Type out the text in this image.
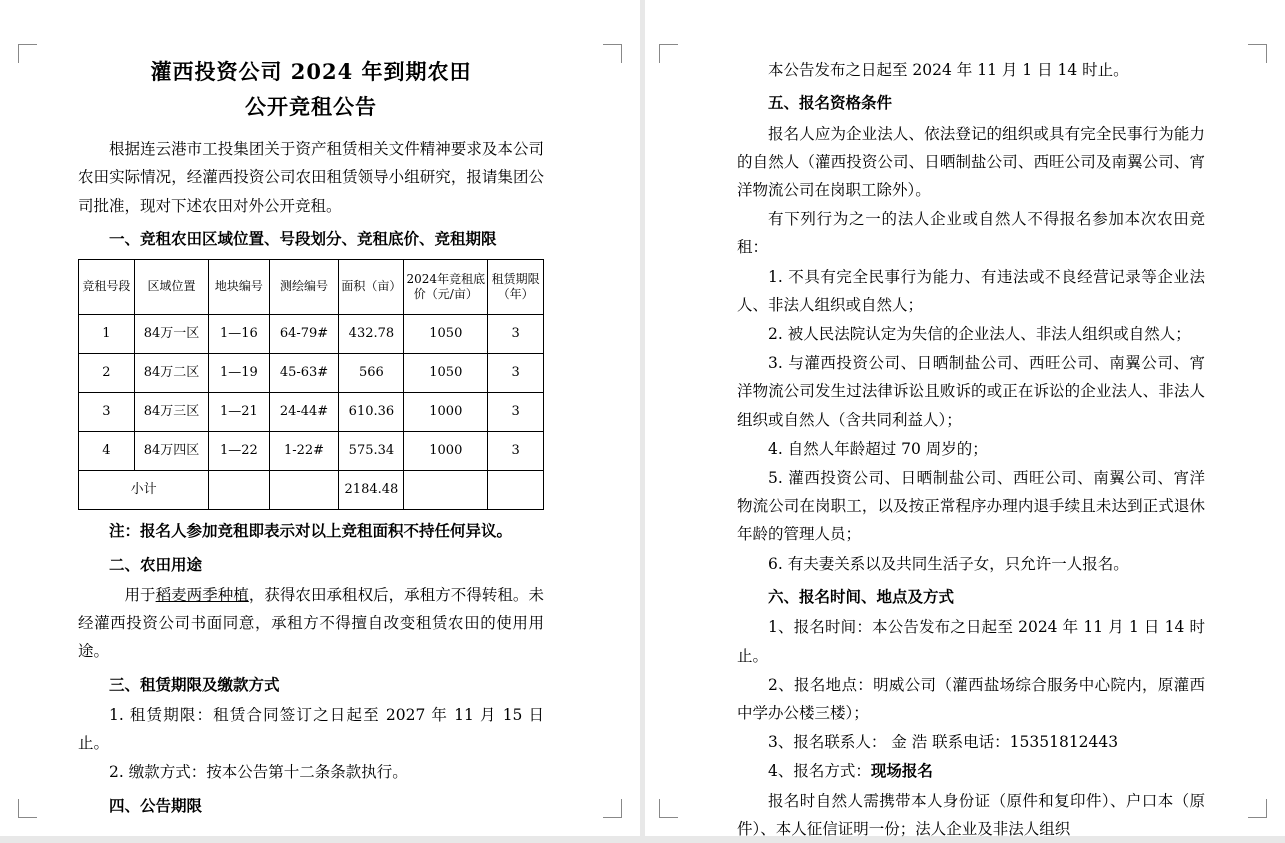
灌西投资公司 2024 年到期农田
公开竞租公告

根据连云港市工投集团关于资产租赁相关文件精神要求及本公司农田实际情况，经灌西投资公司农田租赁领导小组研究，报请集团公司批准，现对下述农田对外公开竞租。

一、竞租农田区域位置、号段划分、竞租底价、竞租期限
竞租号段	区域位置	地块编号	测绘编号	面积（亩）	2024年竞租底价（元/亩）	租赁期限（年）
1	84万一区	1—16	64-79#	432.78	1050	3
2	84万二区	1—19	45-63#	566	1050	3
3	84万三区	1—21	24-44#	610.36	1000	3
4	84万四区	1—22	1-22#	575.34	1000	3
小计				2184.48		
注：报名人参加竞租即表示对以上竞租面积不持任何异议。
二、农田用途

用于稻麦两季种植，获得农田承租权后，承租方不得转租。未经灌西投资公司书面同意，承租方不得擅自改变租赁农田的使用用途。

三、租赁期限及缴款方式

1. 租赁期限：租赁合同签订之日起至 2027 年 11 月 15 日止。

2. 缴款方式：按本公告第十二条条款执行。

四、公告期限

本公告发布之日起至 2024 年 11 月 1 日 14 时止。

五、报名资格条件

报名人应为企业法人、依法登记的组织或具有完全民事行为能力的自然人（灌西投资公司、日晒制盐公司、西旺公司及南翼公司、宵洋物流公司在岗职工除外）。

有下列行为之一的法人企业或自然人不得报名参加本次农田竞租：

1. 不具有完全民事行为能力、有违法或不良经营记录等企业法人、非法人组织或自然人；

2. 被人民法院认定为失信的企业法人、非法人组织或自然人；

3. 与灌西投资公司、日晒制盐公司、西旺公司、南翼公司、宵洋物流公司发生过法律诉讼且败诉的或正在诉讼的企业法人、非法人组织或自然人（含共同利益人）；

4. 自然人年龄超过 70 周岁的；

5. 灌西投资公司、日晒制盐公司、西旺公司、南翼公司、宵洋物流公司在岗职工，以及按正常程序办理内退手续且未达到正式退休年龄的管理人员；

6. 有夫妻关系以及共同生活子女，只允许一人报名。

六、报名时间、地点及方式

1、报名时间：本公告发布之日起至 2024 年 11 月 1 日 14 时止。

2、报名地点：明威公司（灌西盐场综合服务中心院内，原灌西中学办公楼三楼）；

3、报名联系人： 金 浩 联系电话：15351812443

4、报名方式：现场报名

报名时自然人需携带本人身份证（原件和复印件）、户口本（原件）、本人征信证明一份；法人企业及非法人组织
